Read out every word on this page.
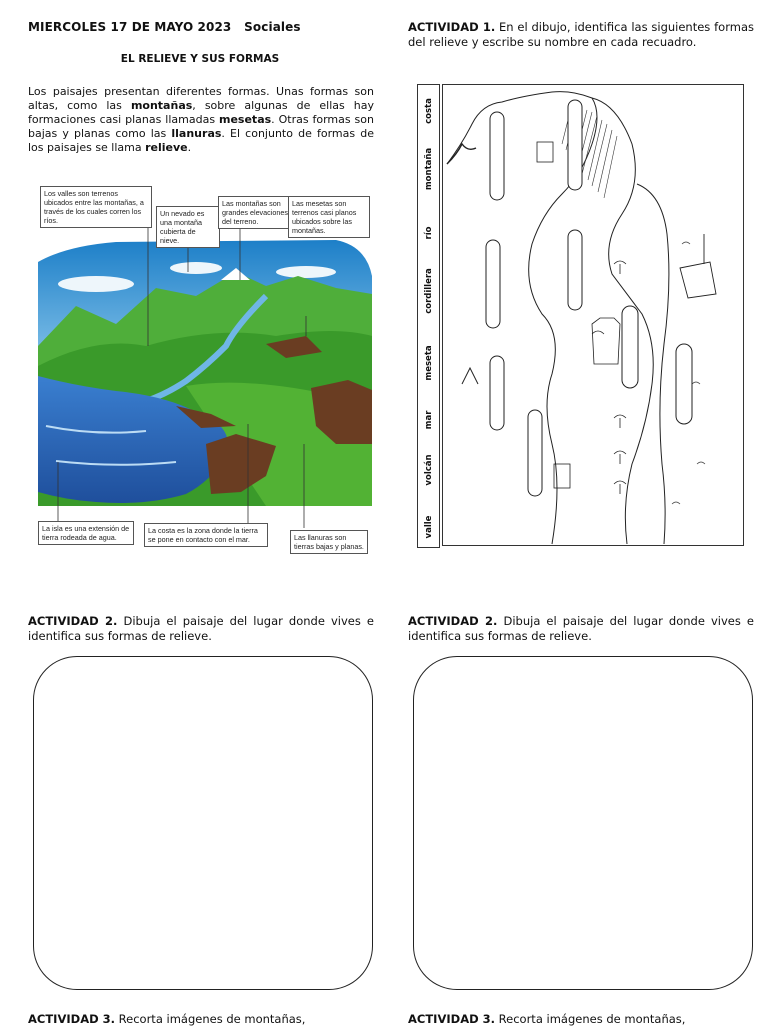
MIERCOLES 17 DE MAYO 2023   Sociales
EL RELIEVE Y SUS FORMAS
Los paisajes presentan diferentes formas. Unas formas son altas, como las montañas, sobre algunas de ellas hay formaciones casi planas llamadas mesetas. Otras formas son bajas y planas como las llanuras. El conjunto de formas de los paisajes se llama relieve.
Los valles son terrenos ubicados entre las montañas, a través de los cuales corren los ríos.
Un nevado es una montaña cubierta de nieve.
Las montañas son grandes elevaciones del terreno.
Las mesetas son terrenos casi planos ubicados sobre las montañas.
La isla es una extensión de tierra rodeada de agua.
La costa es la zona donde la tierra se pone en contacto con el mar.	Las llanuras son tierras bajas y planas.
ACTIVIDAD 1. En el dibujo, identifica las siguientes formas del relieve y escribe su nombre en cada recuadro.
costa
montaña
río
cordillera
meseta
mar
volcán
valle
ACTIVIDAD 2. Dibuja el paisaje del lugar donde vives e identifica sus formas de relieve.
ACTIVIDAD 2. Dibuja el paisaje del lugar donde vives e identifica sus formas de relieve.
ACTIVIDAD 3. Recorta imágenes de montañas,	ACTIVIDAD 3. Recorta imágenes de montañas,
